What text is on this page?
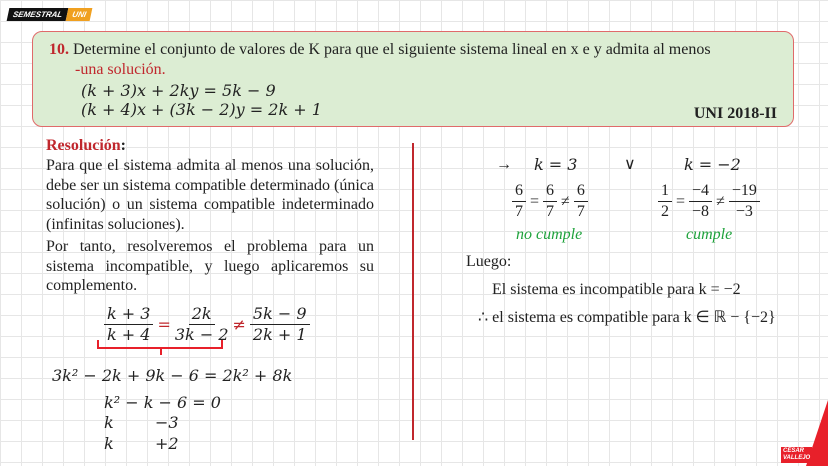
SEMESTRAL	UNI
10. Determine el conjunto de valores de K para que el siguiente sistema lineal en x e y admita al menos
-una solución.
(k + 3)x + 2ky = 5k − 9
(k + 4)x + (3k − 2)y = 2k + 1	UNI 2018-II
Resolución:
Para que el sistema admita al menos una solución, debe ser un sistema compatible determinado (única solución) o un sistema compatible indeterminado (infinitas soluciones).
Por tanto, resolveremos el problema para un sistema incompatible, y luego aplicaremos su complemento.
$\frac{k + 3}{k + 4} = \frac{2k}{3k - 2} \ne \frac{5k - 9}{2k + 1}$
3k² − 2k + 9k − 6 = 2k² + 8k
k² − k − 6 = 0
k	−3
k	+2
→ k = 3	∨	k = −2
$\frac{6}{7} = \frac{6}{7} \ne \frac{6}{7}$	$\frac{1}{2} = \frac{-4}{-8} \ne \frac{-19}{-3}$
no cumple	cumple
Luego:
El sistema es incompatible para k = −2
∴ el sistema es compatible para k ∈ ℝ − {−2}
CÉSAR
VALLEJO
